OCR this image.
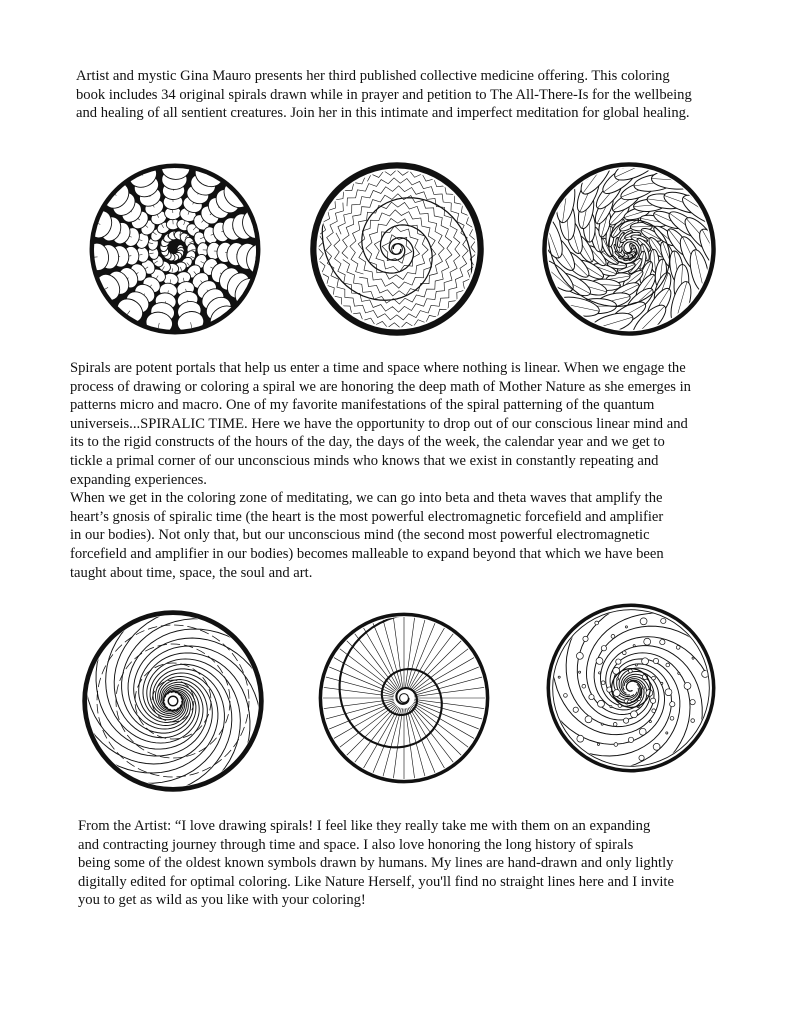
Artist and mystic Gina Mauro presents her third published collective medicine offering. This coloring
book includes 34 original spirals drawn while in prayer and petition to The All-There-Is for the wellbeing
and healing of all sentient creatures. Join her in this intimate and imperfect meditation for global healing.
Spirals are potent portals that help us enter a time and space where nothing is linear. When we engage the
process of drawing or coloring a spiral we are honoring the deep math of Mother Nature as she emerges in
patterns micro and macro. One of my favorite manifestations of the spiral patterning of the quantum
universeis...SPIRALIC TIME. Here we have the opportunity to drop out of our conscious linear mind and
its to the rigid constructs of the hours of the day, the days of the week, the calendar year and we get to
tickle a primal corner of our unconscious minds who knows that we exist in constantly repeating and
expanding experiences.
When we get in the coloring zone of meditating, we can go into beta and theta waves that amplify the
heart’s gnosis of spiralic time (the heart is the most powerful electromagnetic forcefield and amplifier
in our bodies). Not only that, but our unconscious mind (the second most powerful electromagnetic
forcefield and amplifier in our bodies) becomes malleable to expand beyond that which we have been
taught about time, space, the soul and art.
From the Artist: “I love drawing spirals! I feel like they really take me with them on an expanding
and contracting journey through time and space. I also love honoring the long history of spirals
being some of the oldest known symbols drawn by humans. My lines are hand-drawn and only lightly
digitally edited for optimal coloring. Like Nature Herself, you'll find no straight lines here and I invite
you to get as wild as you like with your coloring!
